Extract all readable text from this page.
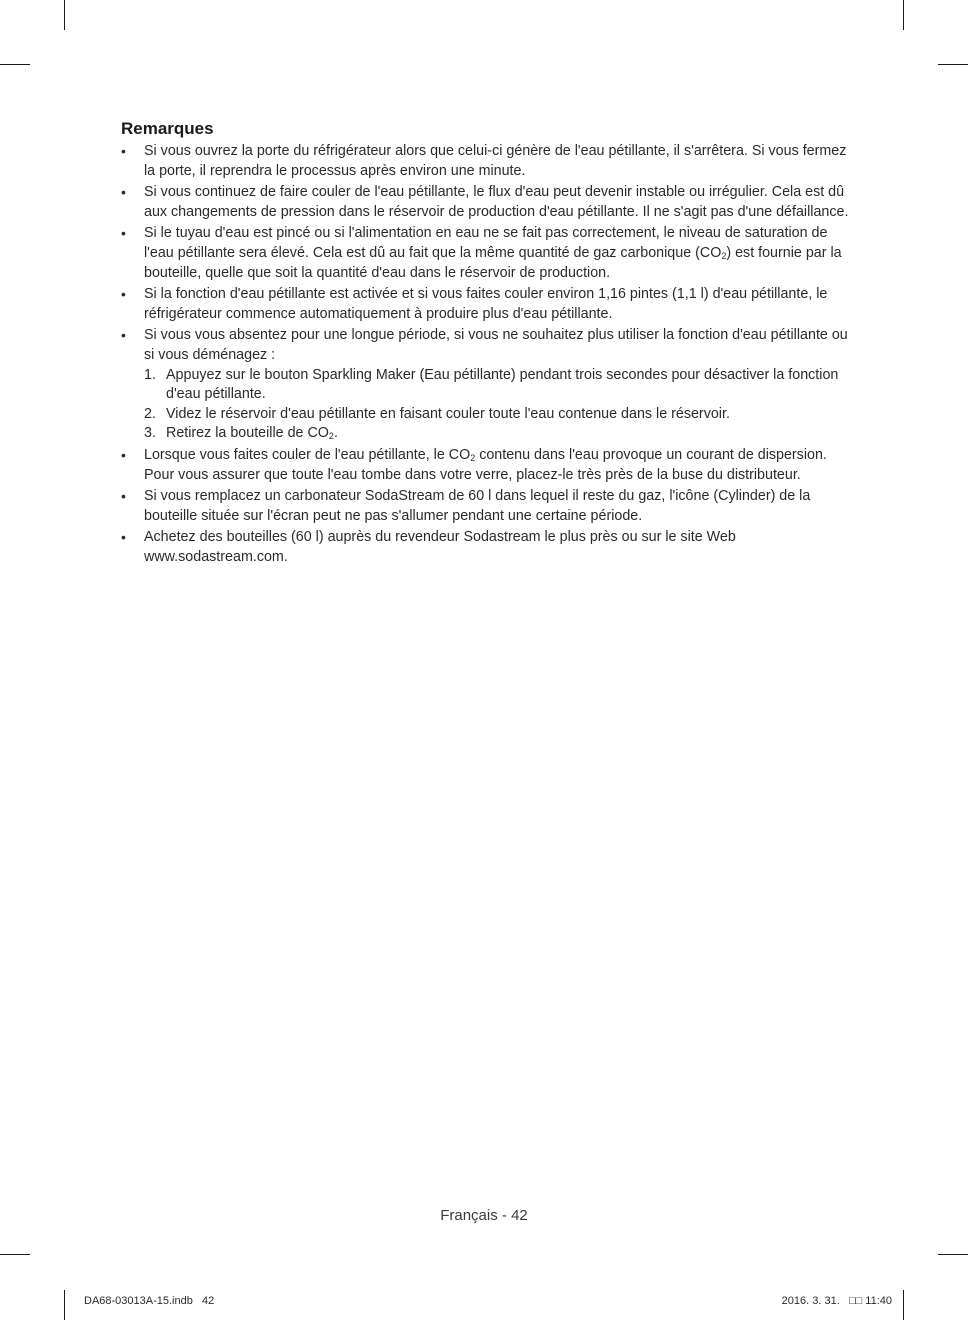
Remarques
• Si vous ouvrez la porte du réfrigérateur alors que celui-ci génère de l'eau pétillante, il s'arrêtera. Si vous fermez la porte, il reprendra le processus après environ une minute.
• Si vous continuez de faire couler de l'eau pétillante, le flux d'eau peut devenir instable ou irrégulier. Cela est dû aux changements de pression dans le réservoir de production d'eau pétillante. Il ne s'agit pas d'une défaillance.
• Si le tuyau d'eau est pincé ou si l'alimentation en eau ne se fait pas correctement, le niveau de saturation de l'eau pétillante sera élevé. Cela est dû au fait que la même quantité de gaz carbonique $(CO_2)$ est fournie par la bouteille, quelle que soit la quantité d'eau dans le réservoir de production.
• Si la fonction d'eau pétillante est activée et si vous faites couler environ 1,16 pintes (1,1 l) d'eau pétillante, le réfrigérateur commence automatiquement à produire plus d'eau pétillante.
• Si vous vous absentez pour une longue période, si vous ne souhaitez plus utiliser la fonction d'eau pétillante ou si vous déménagez :
1. Appuyez sur le bouton Sparkling Maker (Eau pétillante) pendant trois secondes pour désactiver la fonction d'eau pétillante.
2. Videz le réservoir d'eau pétillante en faisant couler toute l'eau contenue dans le réservoir.
3. Retirez la bouteille de $CO_2$.
• Lorsque vous faites couler de l'eau pétillante, le $CO_2$ contenu dans l'eau provoque un courant de dispersion. Pour vous assurer que toute l'eau tombe dans votre verre, placez-le très près de la buse du distributeur.
• Si vous remplacez un carbonateur SodaStream de 60 l dans lequel il reste du gaz, l'icône (Cylinder) de la bouteille située sur l'écran peut ne pas s'allumer pendant une certaine période.
• Achetez des bouteilles (60 l) auprès du revendeur Sodastream le plus près ou sur le site Web www.sodastream.com.
Français - 42
DA68-03013A-15.indb   42	2016. 3. 31.   □□ 11:40
